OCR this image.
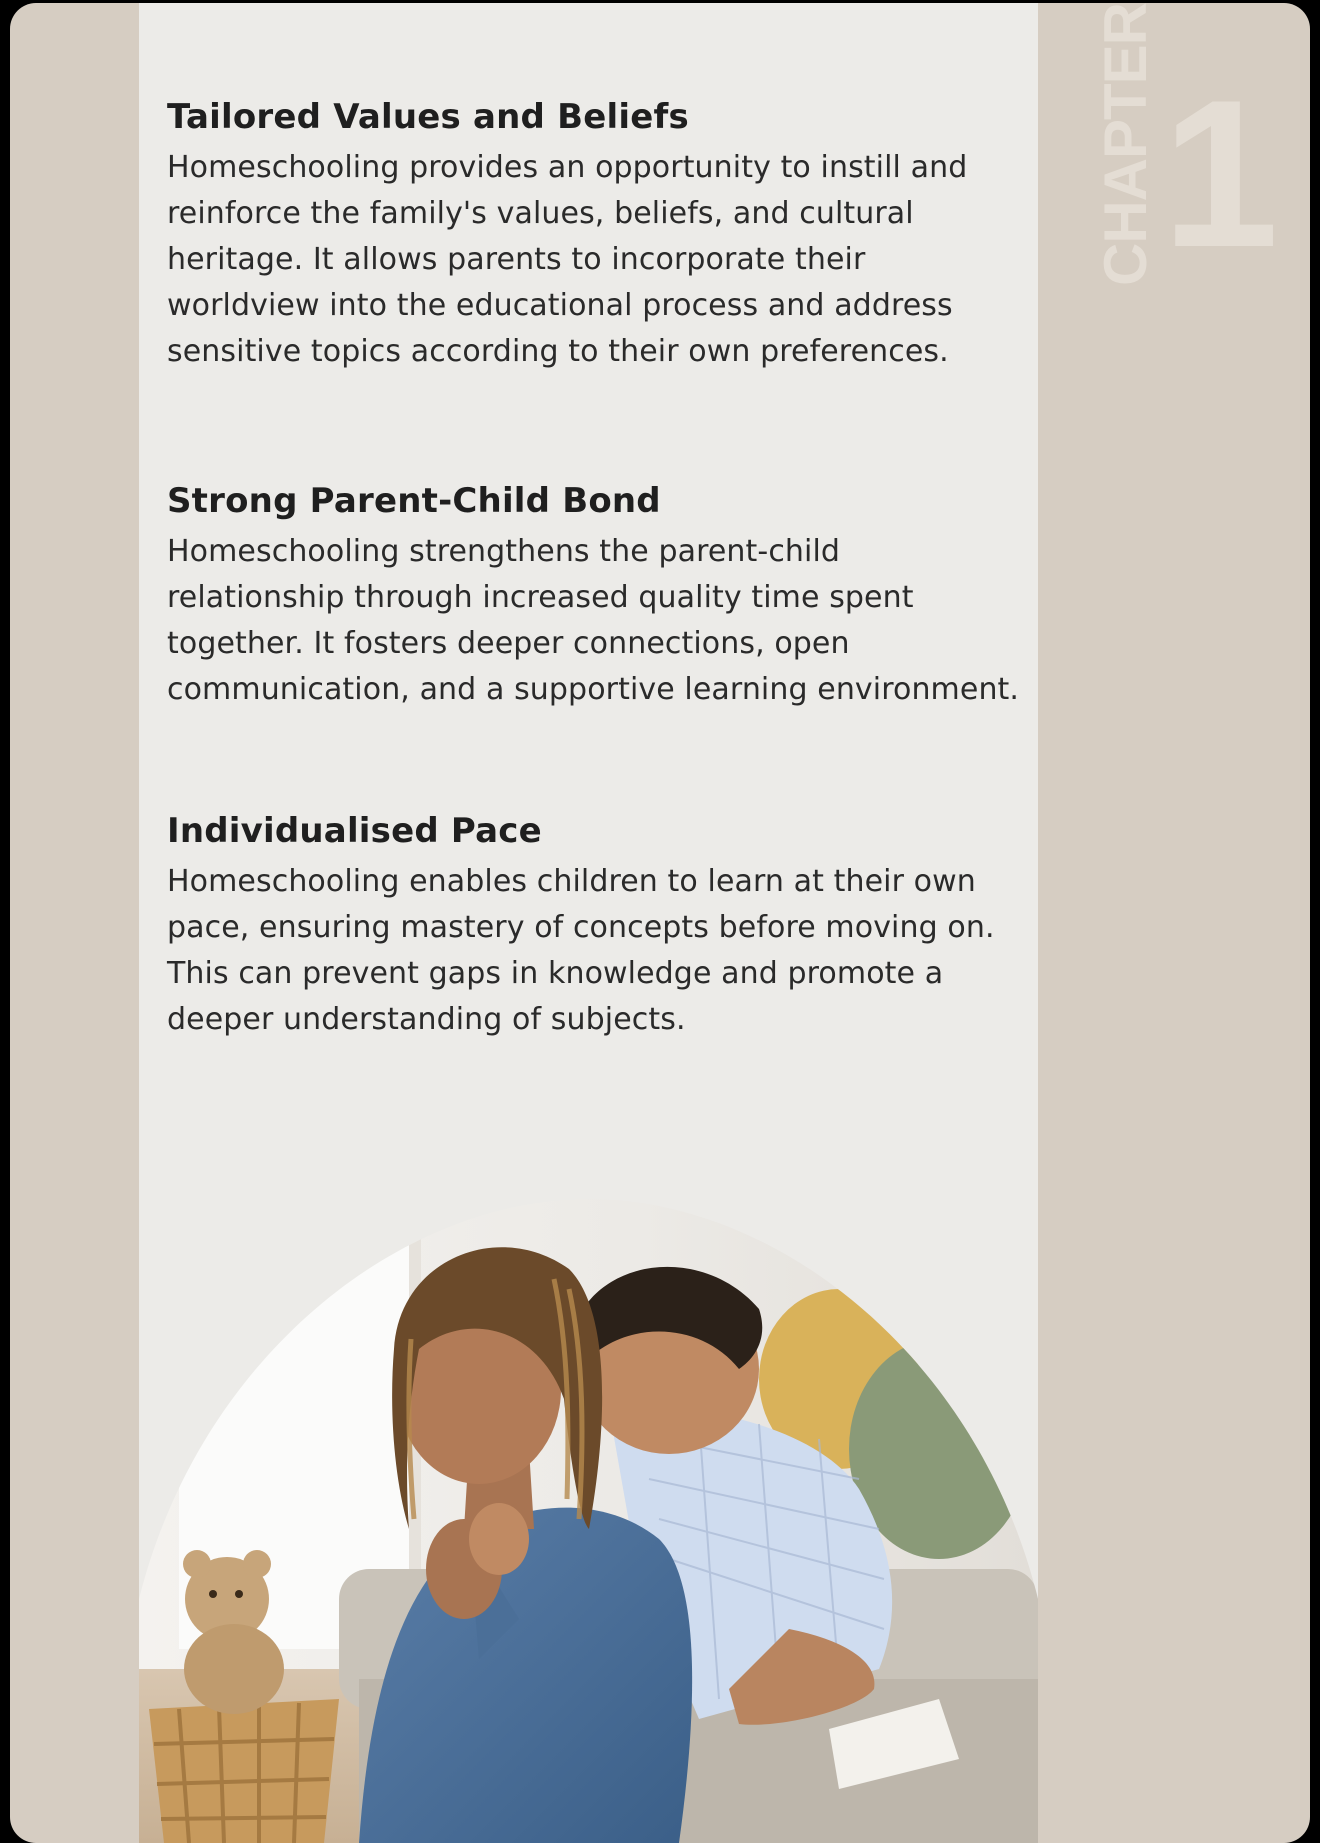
Tailored Values and Beliefs
Homeschooling provides an opportunity to instill and
reinforce the family's values, beliefs, and cultural
heritage. It allows parents to incorporate their
worldview into the educational process and address
sensitive topics according to their own preferences.
Strong Parent-Child Bond
Homeschooling strengthens the parent-child
relationship through increased quality time spent
together. It fosters deeper connections, open
communication, and a supportive learning environment.
Individualised Pace
Homeschooling enables children to learn at their own
pace, ensuring mastery of concepts before moving on.
This can prevent gaps in knowledge and promote a
deeper understanding of subjects.
CHAPTER 1
